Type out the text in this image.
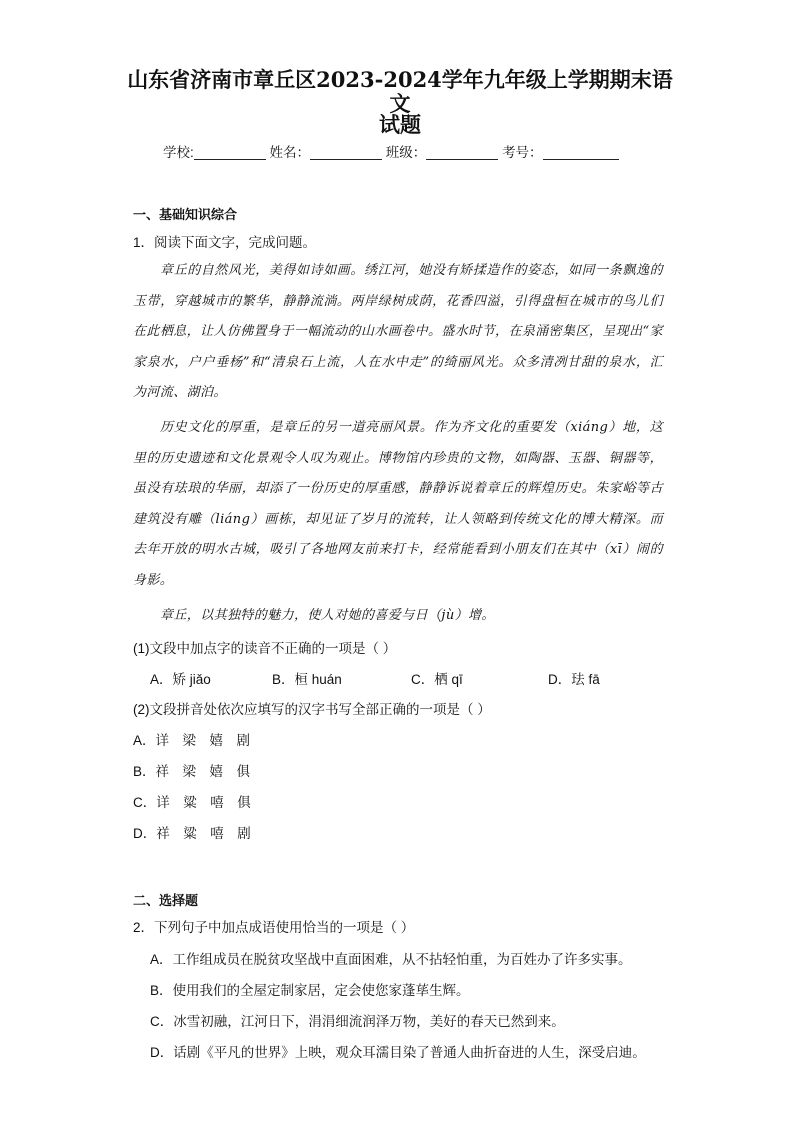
山东省济南市章丘区2023-2024学年九年级上学期期末语文
试题
学校:	姓名：	班级：	考号：
一、基础知识综合
1．阅读下面文字，完成问题。

章丘的自然风光，美得如诗如画。绣江河，她没有矫揉造作的姿态，如同一条飘逸的玉带，穿越城市的繁华，静静流淌。两岸绿树成荫，花香四溢，引得盘桓在城市的鸟儿们在此栖息，让人仿佛置身于一幅流动的山水画卷中。盛水时节，在泉涌密集区，呈现出“家家泉水，户户垂杨”和“清泉石上流，人在水中走”的绮丽风光。众多清冽甘甜的泉水，汇为河流、湖泊。

历史文化的厚重，是章丘的另一道亮丽风景。作为齐文化的重要发（xiáng）地，这里的历史遗迹和文化景观令人叹为观止。博物馆内珍贵的文物，如陶器、玉器、铜器等，虽没有珐琅的华丽，却添了一份历史的厚重感，静静诉说着章丘的辉煌历史。朱家峪等古建筑没有雕（liáng）画栋，却见证了岁月的流转，让人领略到传统文化的博大精深。而去年开放的明水古城，吸引了各地网友前来打卡，经常能看到小朋友们在其中（xī）闹的身影。

章丘，以其独特的魅力，使人对她的喜爱与日（jù）增。

(1)文段中加点字的读音不正确的一项是（ ）
A．矫 jiǎo	B．桓 huán	C．栖 qī	D．珐 fā
(2)文段拼音处依次应填写的汉字书写全部正确的一项是（ ）
A．详　梁　嬉　剧
B．祥　梁　嬉　俱
C．详　粱　嘻　俱
D．祥　粱　嘻　剧
二、选择题
2．下列句子中加点成语使用恰当的一项是（ ）
A．工作组成员在脱贫攻坚战中直面困难，从不拈轻怕重，为百姓办了许多实事。
B．使用我们的全屋定制家居，定会使您家蓬荜生辉。
C．冰雪初融，江河日下，涓涓细流润泽万物，美好的春天已然到来。
D．话剧《平凡的世界》上映，观众耳濡目染了普通人曲折奋进的人生，深受启迪。
